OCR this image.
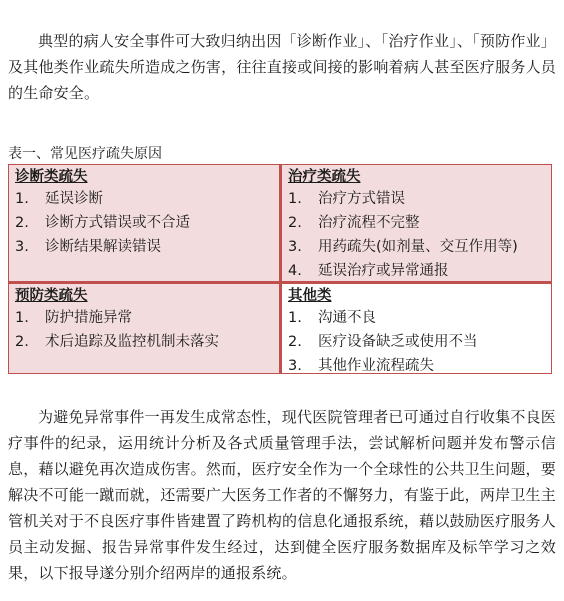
典型的病人安全事件可大致归纳出因「诊断作业」、「治疗作业」、「预防作业」及其他类作业疏失所造成之伤害，往往直接或间接的影响着病人甚至医疗服务人员的生命安全。

表一、常见医疗疏失原因
诊断类疏失
1.	延误诊断
2.	诊断方式错误或不合适
3.	诊断结果解读错误
治疗类疏失
1.	治疗方式错误
2.	治疗流程不完整
3.	用药疏失(如剂量、交互作用等)
4.	延误治疗或异常通报
预防类疏失
1.	防护措施异常
2.	术后追踪及监控机制未落实
其他类
1.	沟通不良
2.	医疗设备缺乏或使用不当
3.	其他作业流程疏失

为避免异常事件一再发生成常态性，现代医院管理者已可通过自行收集不良医疗事件的纪录，运用统计分析及各式质量管理手法，尝试解析问题并发布警示信息，藉以避免再次造成伤害。然而，医疗安全作为一个全球性的公共卫生问题，要解决不可能一蹴而就，还需要广大医务工作者的不懈努力，有鉴于此，两岸卫生主管机关对于不良医疗事件皆建置了跨机构的信息化通报系统，藉以鼓励医疗服务人员主动发掘、报告异常事件发生经过，达到健全医疗服务数据库及标竿学习之效果，以下报导遂分别介绍两岸的通报系统。
